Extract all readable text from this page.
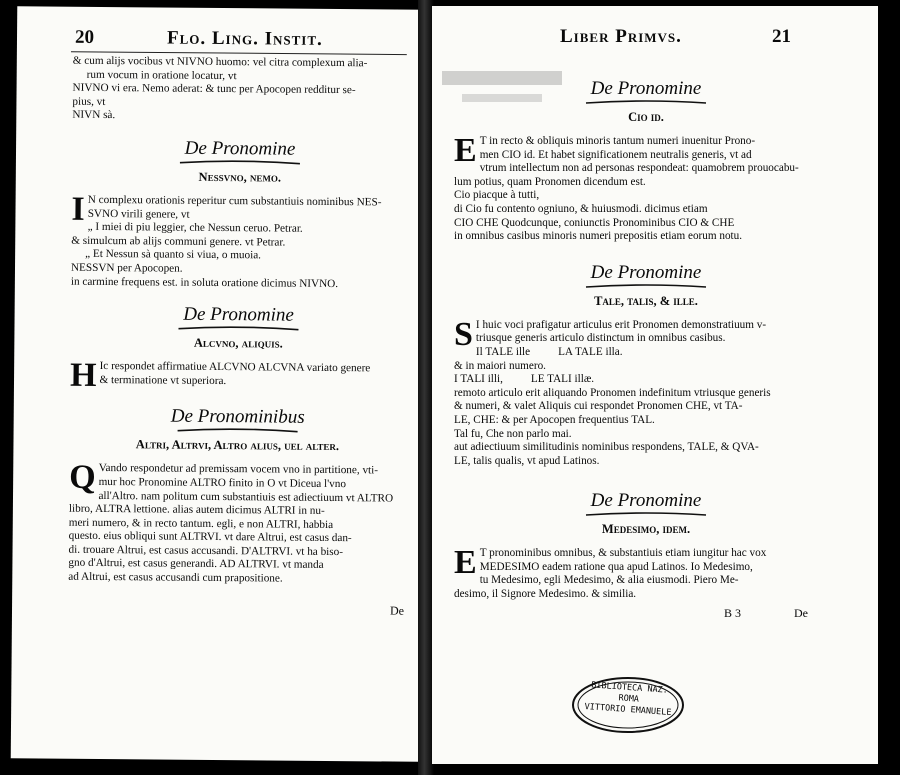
20	Flo. Ling. Instit.

& cum alijs vocibus vt NIVNO huomo: vel citra complexum alia-

rum vocum in oratione locatur, vt

NIVNO vi era. Nemo aderat: & tunc per Apocopen redditur se-

pius, vt

NIVN sà.

De Pronomine
Nessvno, nemo.
I N complexu orationis reperitur cum substantiuis nominibus NES-

SVNO virili genere, vt

„ I miei di piu leggier, che Nessun ceruo. Petrar.

& simulcum ab alijs communi genere. vt Petrar.

„ Et Nessun sà quanto si viua, o muoia.

NESSVN per Apocopen.

in carmine frequens est. in soluta oratione dicimus NIVNO.

De Pronomine
Alcvno, aliquis.
H Ic respondet affirmatiue ALCVNO ALCVNA variato genere

& terminatione vt superiora.

De Pronominibus
Altri, Altrvi, Altro alius, uel alter.
Q Vando respondetur ad premissam vocem vno in partitione, vti-

mur hoc Pronomine ALTRO finito in O vt Diceua l'vno

all'Altro. nam politum cum substantiuis est adiectiuum vt ALTRO

libro, ALTRA lettione. alias autem dicimus ALTRI in nu-

meri numero, & in recto tantum. egli, e non ALTRI, habbia

questo. eius obliqui sunt ALTRVI. vt dare Altrui, est casus dan-

di. trouare Altrui, est casus accusandi. D'ALTRVI. vt ha biso-

gno d'Altrui, est casus generandi. AD ALTRVI. vt manda

ad Altrui, est casus accusandi cum prapositione.

De
Liber Primvs.	21
De Pronomine
Cio id.
E T in recto & obliquis minoris tantum numeri inuenitur Prono-

men CIO id. Et habet significationem neutralis generis, vt ad

vtrum intellectum non ad personas respondeat: quamobrem prouocabu-

lum potius, quam Pronomen dicendum est.

Cio piacque à tutti,

di Cio fu contento ogniuno, & huiusmodi. dicimus etiam

CIO CHE Quodcunque, coniunctis Pronominibus CIO & CHE

in omnibus casibus minoris numeri prepositis etiam eorum notu.

De Pronomine
Tale, talis, & ille.
S I huic voci prafigatur articulus erit Pronomen demonstratiuum v-

triusque generis articulo distinctum in omnibus casibus.

Il TALE ille          LA TALE illa.

& in maiori numero.

I TALI illi,          LE TALI illæ.

remoto articulo erit aliquando Pronomen indefinitum vtriusque generis

& numeri, & valet Aliquis cui respondet Pronomen CHE, vt TA-

LE, CHE: & per Apocopen frequentius TAL.

Tal fu, Che non parlo mai.

aut adiectiuum similitudinis nominibus respondens, TALE, & QVA-

LE, talis qualis, vt apud Latinos.

De Pronomine
Medesimo, idem.
E T pronominibus omnibus, & substantiuis etiam iungitur hac vox

MEDESIMO eadem ratione qua apud Latinos. Io Medesimo,

tu Medesimo, egli Medesimo, & alia eiusmodi. Piero Me-

desimo, il Signore Medesimo. & similia.

B 3	De
BIBLIOTECA NAZ.
ROMA
VITTORIO EMANUELE
